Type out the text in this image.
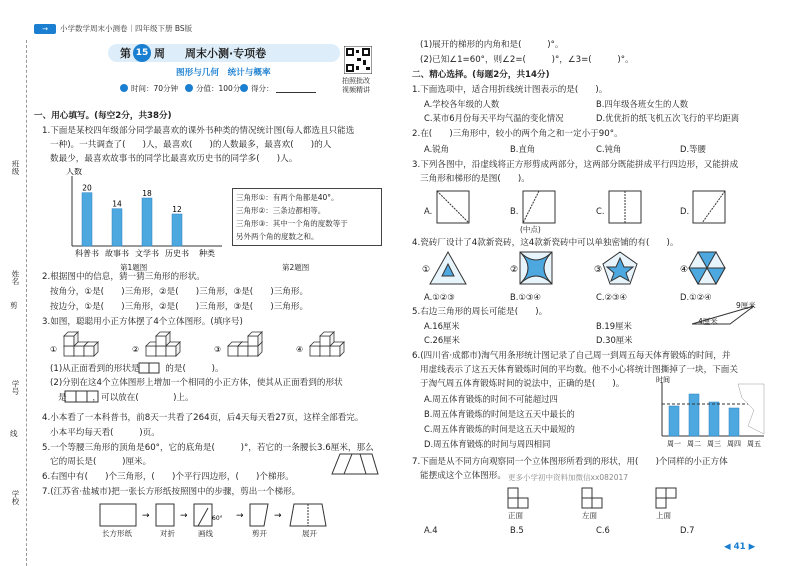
→	小学数学周末小测卷｜四年级下册 BS版
第 15 周 周末小测·专项卷
图形与几何　统计与概率
时间：70分钟 分值：100分 得分：
拍照批改
视频精讲
班级
姓名
剪
学号
线
学校
一、用心填写。(每空2分，共38分)
1.下面是某校四年级部分同学最喜欢的课外书种类的情况统计图(每人都选且只能选
一种)。一共调查了(　　)人，最喜欢(　　)的人数最多，最喜欢(　　)的人
数最少，最喜欢故事书的同学比最喜欢历史书的同学多(　　)人。
人数
科普书
20
故事书
14
文学书
18
历史书
12
种类
第1题图
三角形①：有两个角都是40°。
三角形②：三条边都相等。
三角形③：其中一个角的度数等于
另外两个角的度数之和。
第2题图
2.根据图中的信息，猜一猜三角形的形状。
按角分，①是(　　)三角形，②是(　　)三角形，③是(　　)三角形。
按边分，①是(　　)三角形，②是(　　)三角形，③是(　　)三角形。
3.如图，聪聪用小正方体摆了4个立体图形。(填序号)
①	②	③	④
(1)从正面看到的形状是　　　的是(　　　)。
(2)分别在这4个立体图形上增加一个相同的小正方体，使其从正面看到的形状
是　　　，可以放在(　　　　)上。
4.小本看了一本科普书，前8天一共看了264页，后4天每天看27页，这样全部看完。
小本平均每天看(　　　)页。
5.一个等腰三角形的顶角是60°，它的底角是(　　　)°，若它的一条腰长3.6厘米，那么
它的周长是(　　　)厘米。
6.右图中有(　　)个三角形，(　　)个平行四边形，(　　)个梯形。
7.(江苏省·盐城市)把一张长方形纸按照图中的步骤，剪出一个梯形。
→	→	60° →	→
长方形纸	对折	画线	剪开	展开
(1)展开的梯形的内角和是(　　　)°。
(2)已知∠1=60°，则∠2=(　　　)°，∠3=(　　　)°。
二、精心选择。(每题2分，共14分)
1.下面选项中，适合用折线统计图表示的是(　　)。
A.学校各年级的人数	B.四年级各班女生的人数
C.某市6月份每天平均气温的变化情况	D.优优折的纸飞机五次飞行的平均距离
2.在(　　)三角形中，较小的两个角之和一定小于90°。
A.锐角	B.直角	C.钝角	D.等腰
3.下列各图中，沿虚线将正方形剪成两部分，这两部分既能拼成平行四边形，又能拼成
三角形和梯形的是图(　　)。
A.	B.
(中点)
C.	D.
4.瓷砖厂设计了4款新瓷砖，这4款新瓷砖中可以单独密铺的有(　　)。
①	②	③	④
A.①②③	B.①③④	C.②③④	D.①②④
5.右边三角形的周长可能是(　　)。
9厘米
4厘米
A.16厘米	B.19厘米
C.26厘米	D.30厘米
6.(四川省·成都市)淘气用条形统计图记录了自己周一到周五每天体育锻炼的时间，并
用虚线表示了这五天体育锻炼时间的平均数。他不小心将统计图撕掉了一块，下面关
于淘气周五体育锻炼时间的说法中，正确的是(　　)。
A.周五体育锻炼的时间不可能超过四
B.周五体育锻炼的时间是这五天中最长的
C.周五体育锻炼的时间是这五天中最短的
D.周五体育锻炼的时间与周四相同
时间
周一 周二 周三 周四 周五
7.下面是从不同方向观察同一个立体图形所看到的形状，用(　　)个同样的小正方体
能摆成这个立体图形。 更多小学初中资料加微信xx082017
正面	左面	上面
A.4	B.5	C.6	D.7
◀ 41 ▶
